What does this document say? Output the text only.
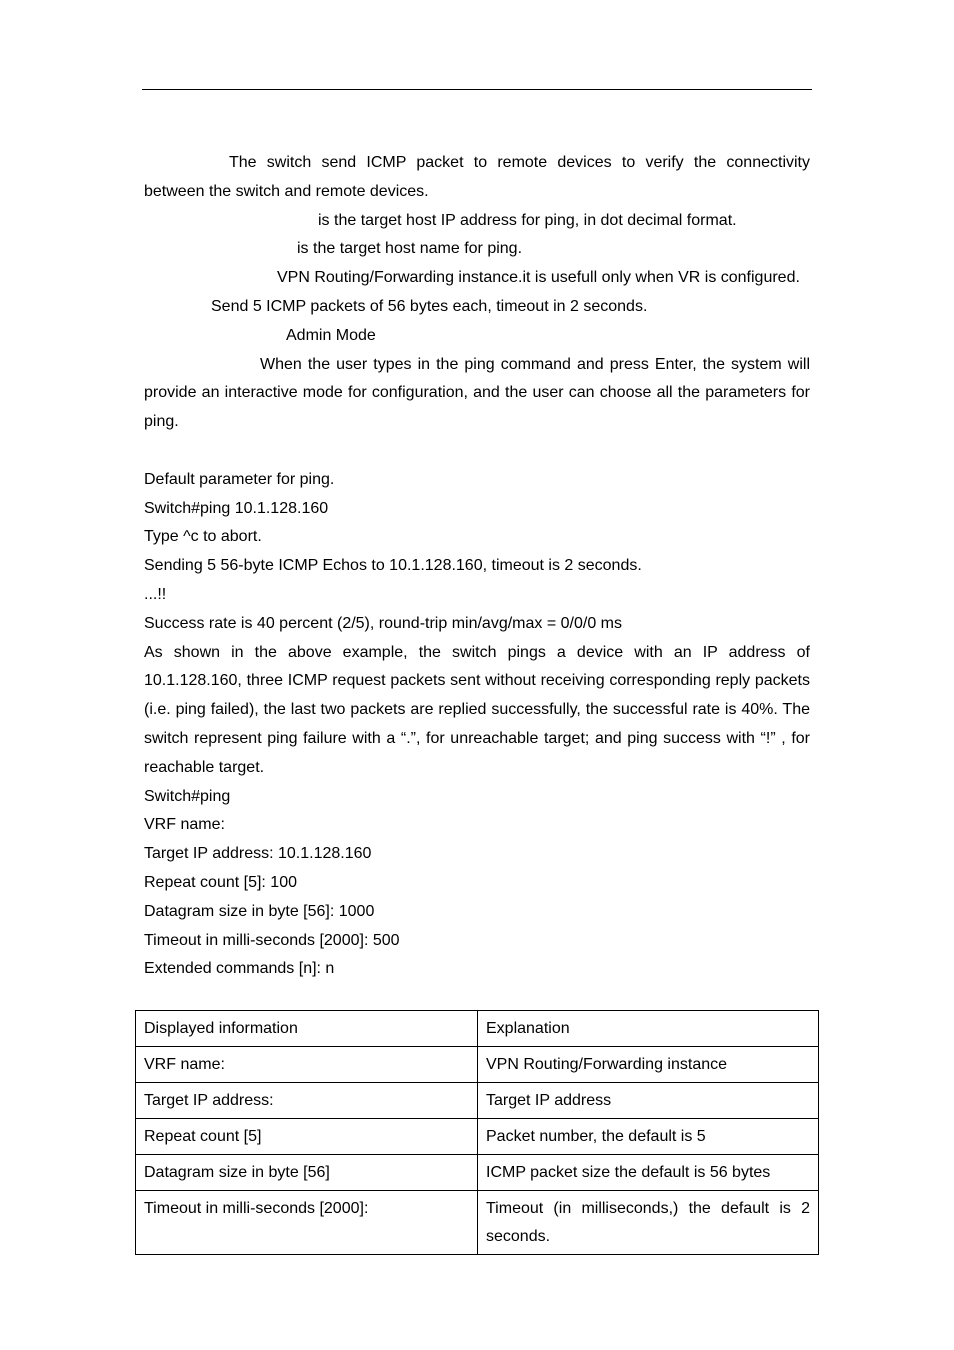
The switch send ICMP packet to remote devices to verify the connectivity between the switch and remote devices.

is the target host IP address for ping, in dot decimal format.

is the target host name for ping.

VPN Routing/Forwarding instance.it is usefull only when VR is configured.

Send 5 ICMP packets of 56 bytes each, timeout in 2 seconds.

Admin Mode

When the user types in the ping command and press Enter, the system will provide an interactive mode for configuration, and the user can choose all the parameters for ping.

Default parameter for ping.

Switch#ping 10.1.128.160

Type ^c to abort.

Sending 5 56-byte ICMP Echos to 10.1.128.160, timeout is 2 seconds.

...!!

Success rate is 40 percent (2/5), round-trip min/avg/max = 0/0/0 ms

As shown in the above example, the switch pings a device with an IP address of 10.1.128.160, three ICMP request packets sent without receiving corresponding reply packets (i.e. ping failed), the last two packets are replied successfully, the successful rate is 40%. The switch represent ping failure with a “.”, for unreachable target; and ping success with “!” , for reachable target.

Switch#ping

VRF name:

Target IP address: 10.1.128.160

Repeat count [5]: 100

Datagram size in byte [56]: 1000

Timeout in milli-seconds [2000]: 500

Extended commands [n]: n

Displayed information	Explanation
VRF name:	VPN Routing/Forwarding instance
Target IP address:	Target IP address
Repeat count [5]	Packet number, the default is 5
Datagram size in byte [56]	ICMP packet size the default is 56 bytes
Timeout in milli-seconds [2000]:	Timeout (in milliseconds,) the default is 2 seconds.
